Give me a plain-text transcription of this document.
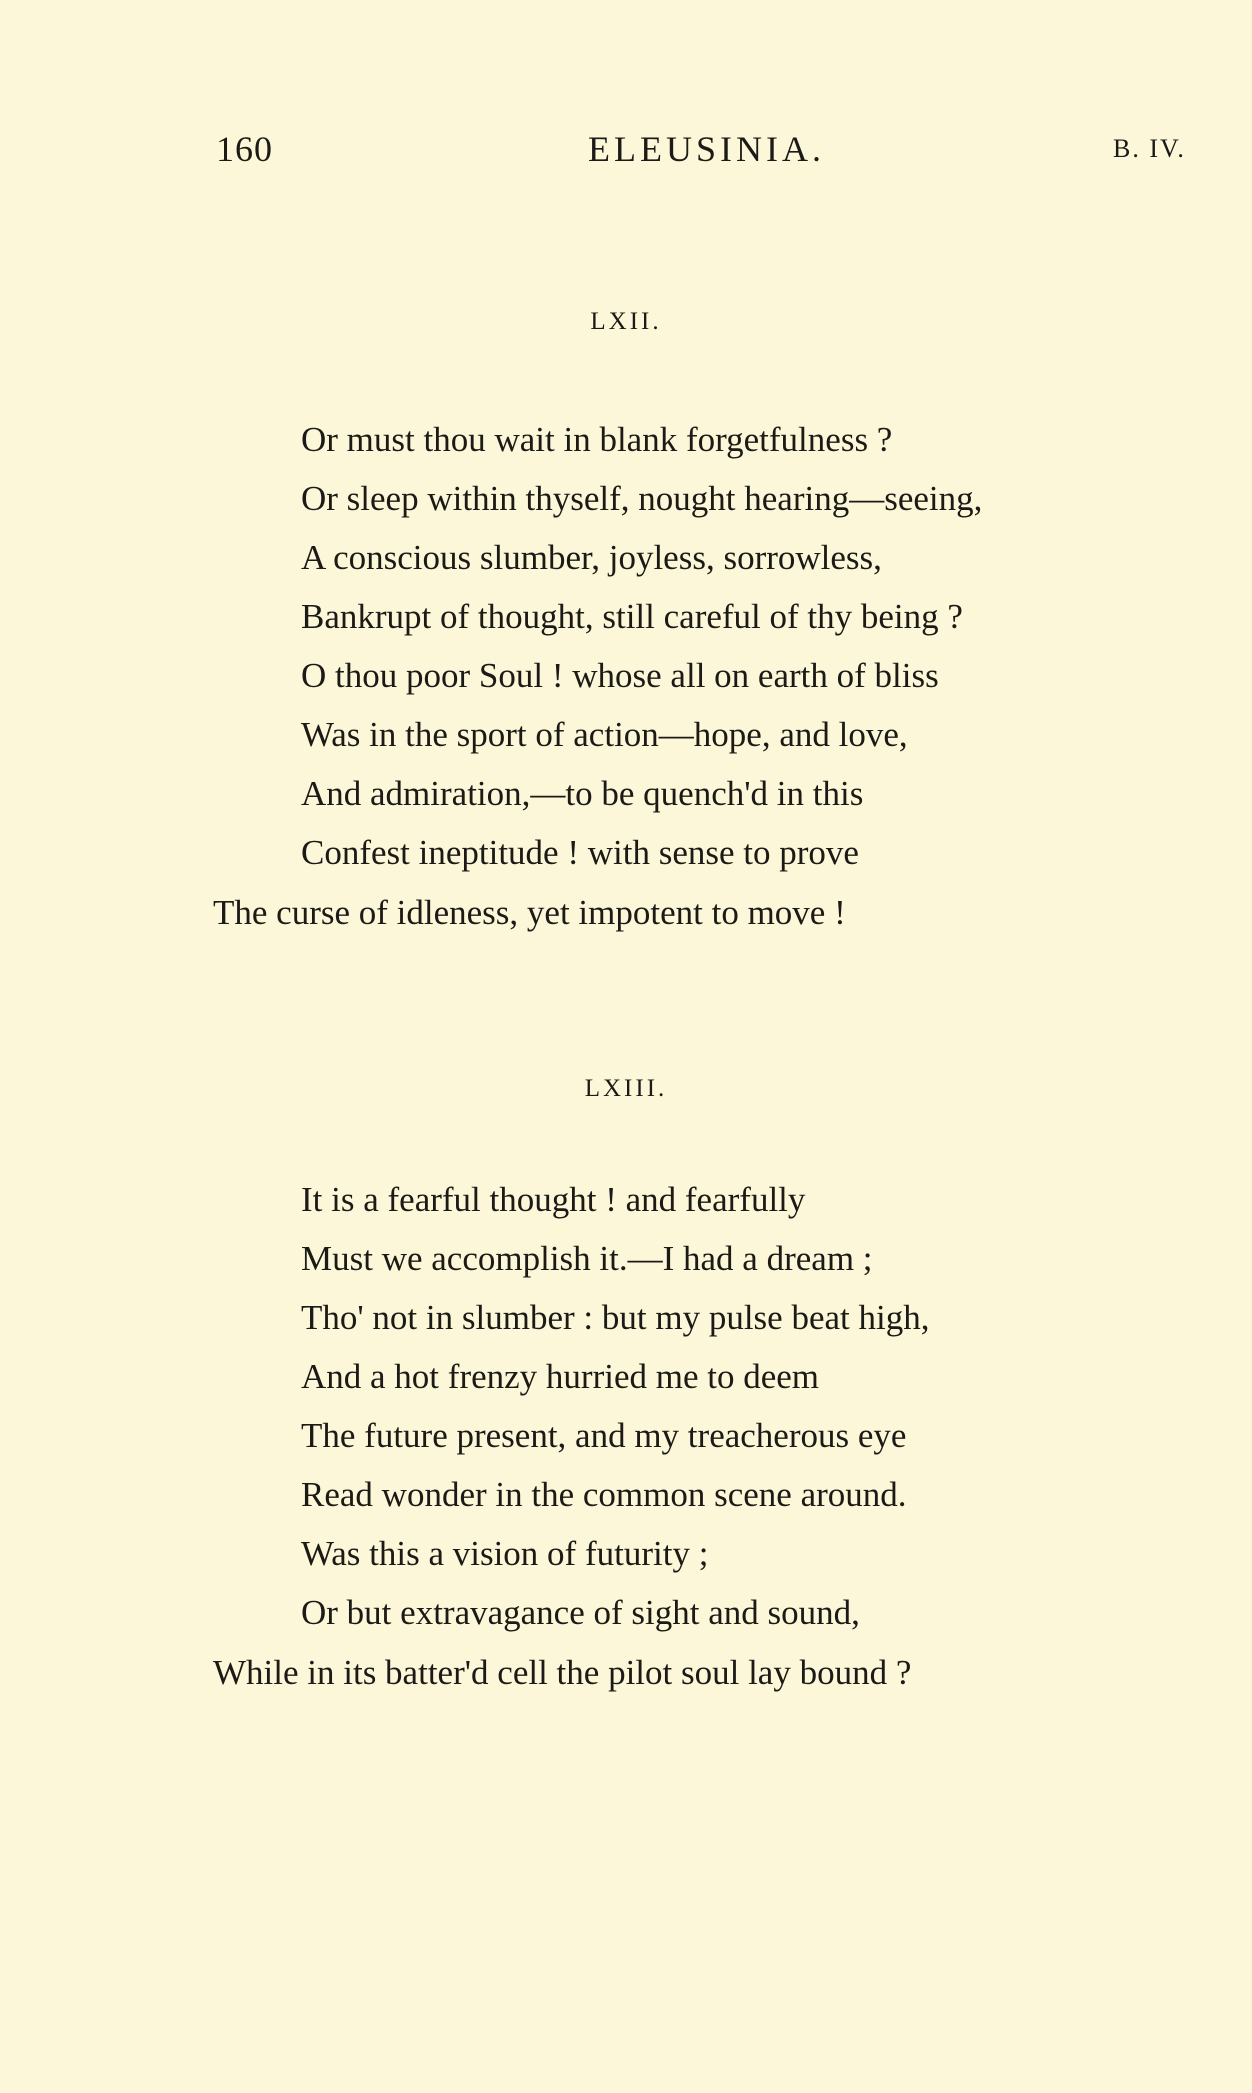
160	ELEUSINIA.	B. IV.
LXII.
Or must thou wait in blank forgetfulness ?
Or sleep within thyself, nought hearing—seeing,
A conscious slumber, joyless, sorrowless,
Bankrupt of thought, still careful of thy being ?
O thou poor Soul ! whose all on earth of bliss
Was in the sport of action—hope, and love,
And admiration,—to be quench'd in this
Confest ineptitude ! with sense to prove
The curse of idleness, yet impotent to move !
LXIII.
It is a fearful thought ! and fearfully
Must we accomplish it.—I had a dream ;
Tho' not in slumber : but my pulse beat high,
And a hot frenzy hurried me to deem
The future present, and my treacherous eye
Read wonder in the common scene around.
Was this a vision of futurity ;
Or but extravagance of sight and sound,
While in its batter'd cell the pilot soul lay bound ?
